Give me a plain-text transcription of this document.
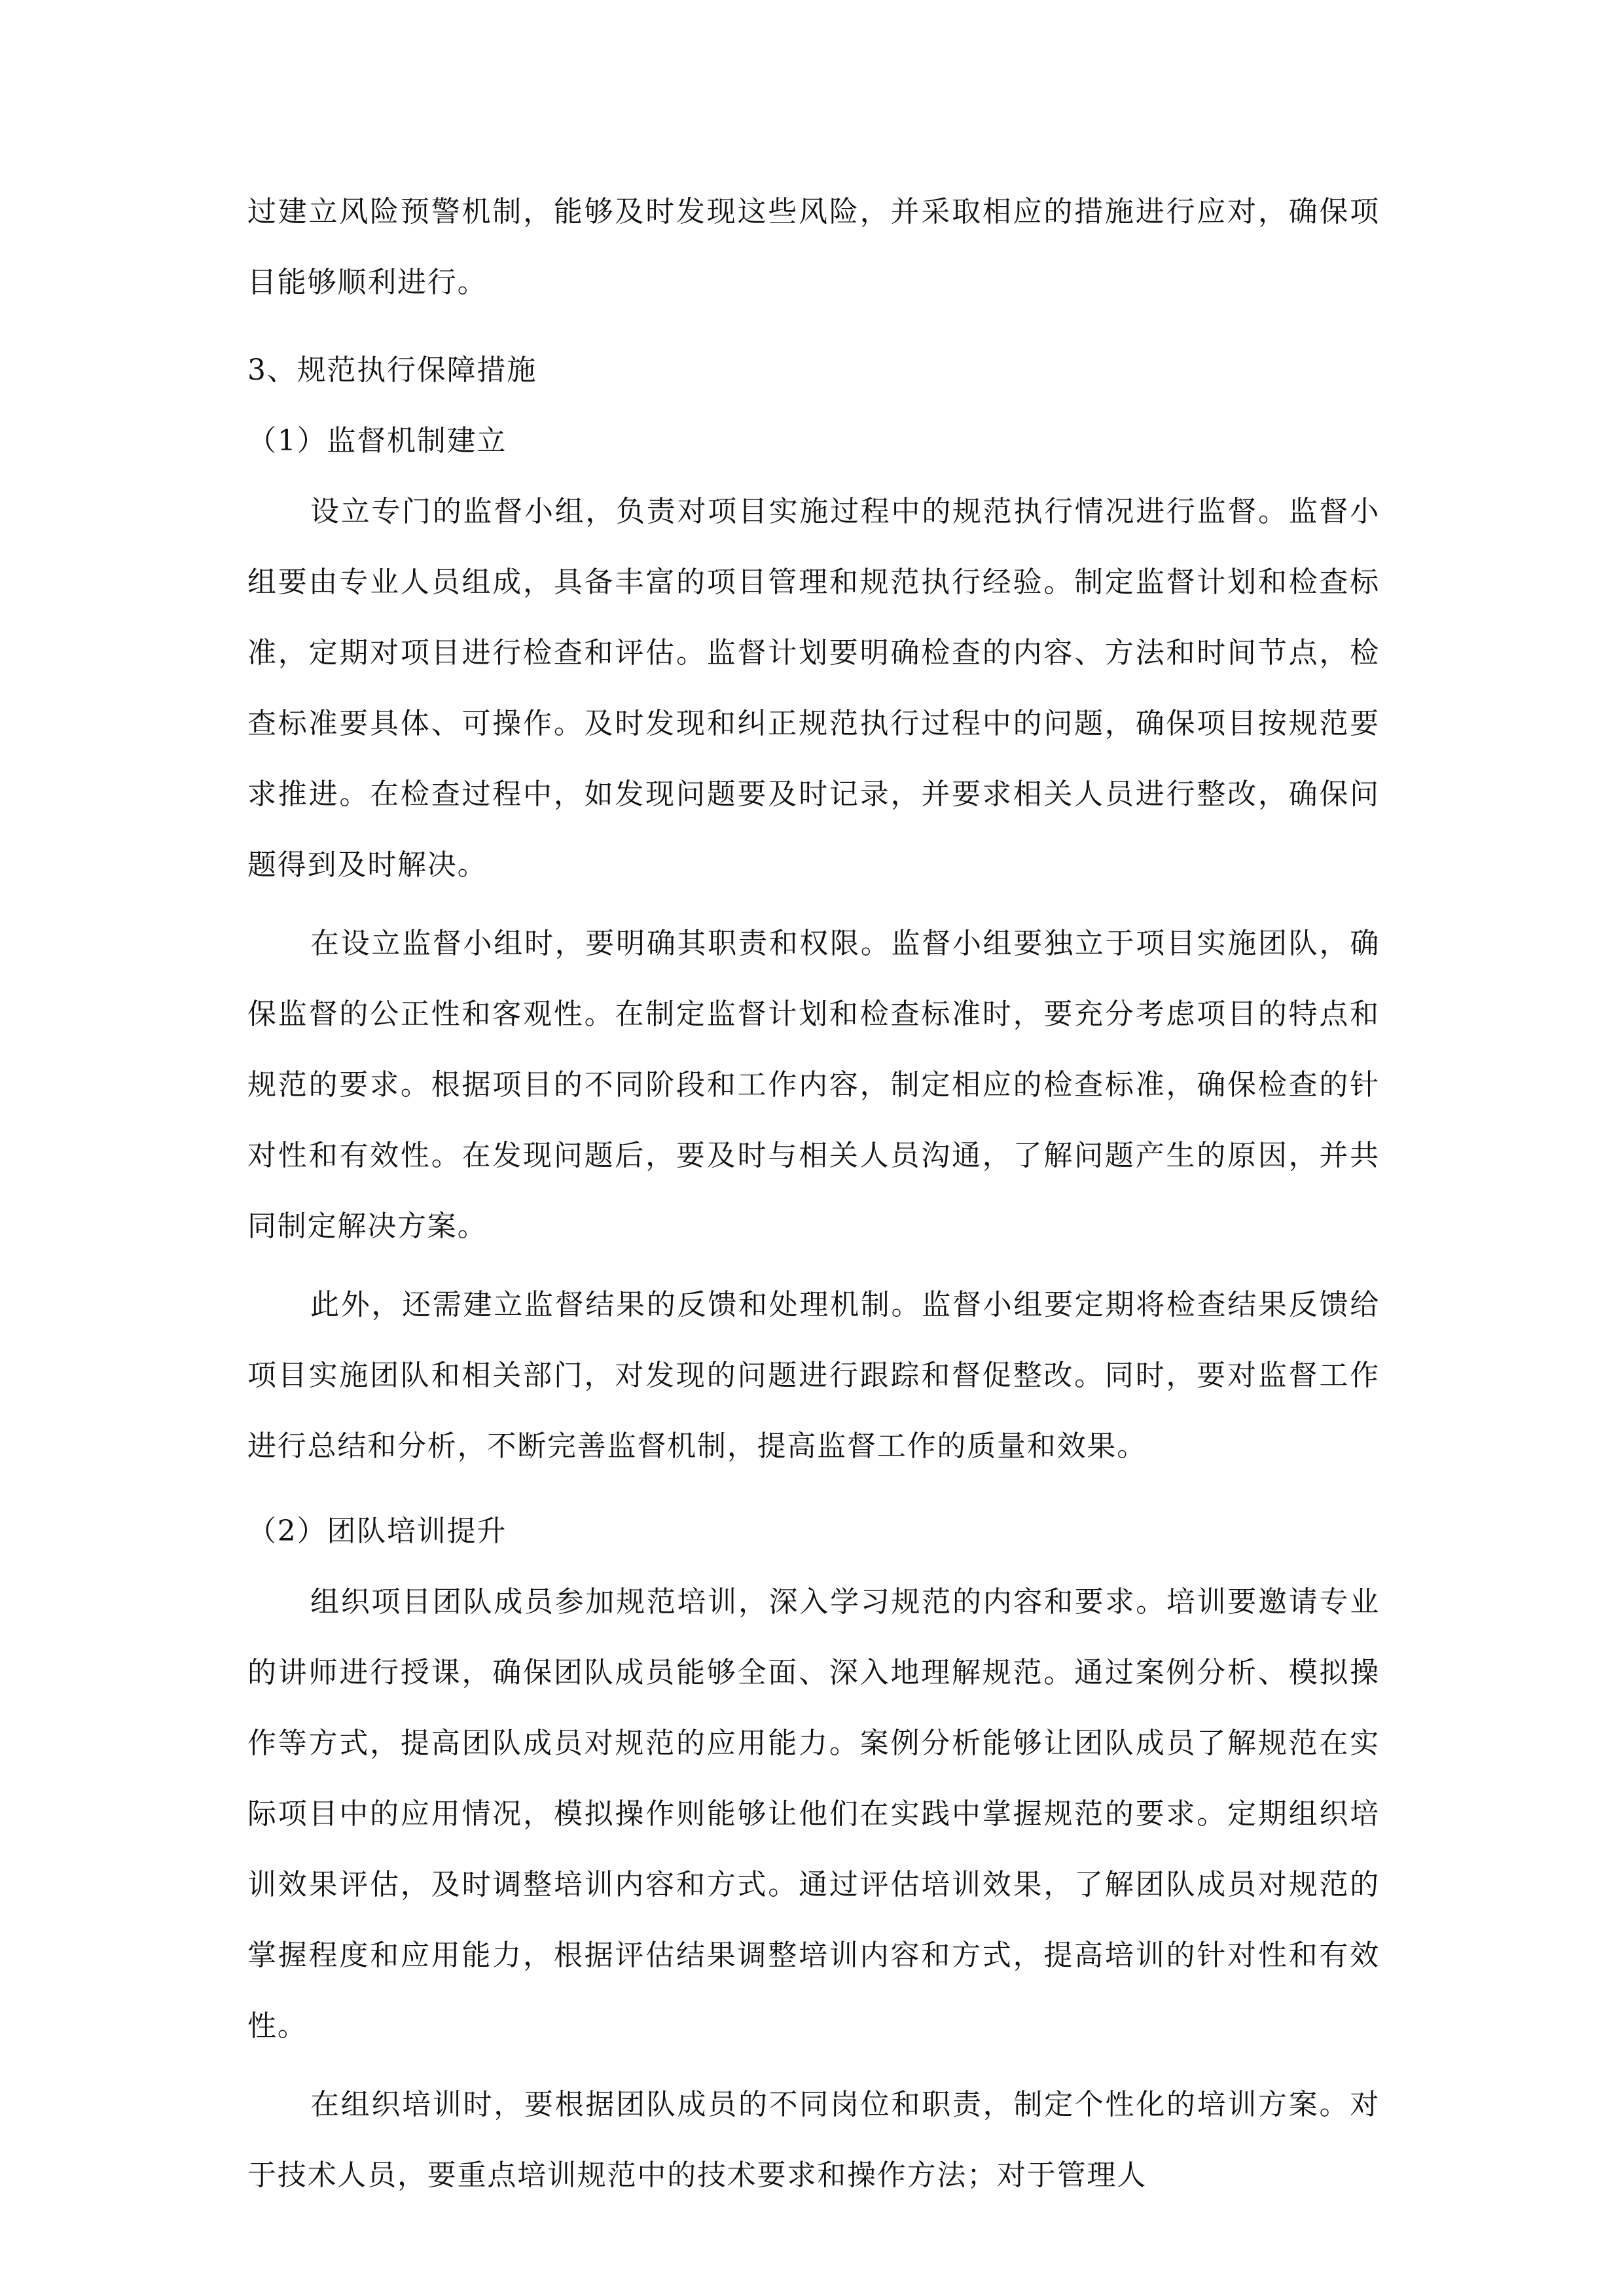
过建立风险预警机制，能够及时发现这些风险，并采取相应的措施进行应对，确保项目能够顺利进行。

3、规范执行保障措施

（1）监督机制建立

设立专门的监督小组，负责对项目实施过程中的规范执行情况进行监督。监督小组要由专业人员组成，具备丰富的项目管理和规范执行经验。制定监督计划和检查标准，定期对项目进行检查和评估。监督计划要明确检查的内容、方法和时间节点，检查标准要具体、可操作。及时发现和纠正规范执行过程中的问题，确保项目按规范要求推进。在检查过程中，如发现问题要及时记录，并要求相关人员进行整改，确保问题得到及时解决。

在设立监督小组时，要明确其职责和权限。监督小组要独立于项目实施团队，确保监督的公正性和客观性。在制定监督计划和检查标准时，要充分考虑项目的特点和规范的要求。根据项目的不同阶段和工作内容，制定相应的检查标准，确保检查的针对性和有效性。在发现问题后，要及时与相关人员沟通，了解问题产生的原因，并共同制定解决方案。

此外，还需建立监督结果的反馈和处理机制。监督小组要定期将检查结果反馈给项目实施团队和相关部门，对发现的问题进行跟踪和督促整改。同时，要对监督工作进行总结和分析，不断完善监督机制，提高监督工作的质量和效果。

（2）团队培训提升

组织项目团队成员参加规范培训，深入学习规范的内容和要求。培训要邀请专业的讲师进行授课，确保团队成员能够全面、深入地理解规范。通过案例分析、模拟操作等方式，提高团队成员对规范的应用能力。案例分析能够让团队成员了解规范在实际项目中的应用情况，模拟操作则能够让他们在实践中掌握规范的要求。定期组织培训效果评估，及时调整培训内容和方式。通过评估培训效果，了解团队成员对规范的掌握程度和应用能力，根据评估结果调整培训内容和方式，提高培训的针对性和有效性。

在组织培训时，要根据团队成员的不同岗位和职责，制定个性化的培训方案。对于技术人员，要重点培训规范中的技术要求和操作方法；对于管理人
